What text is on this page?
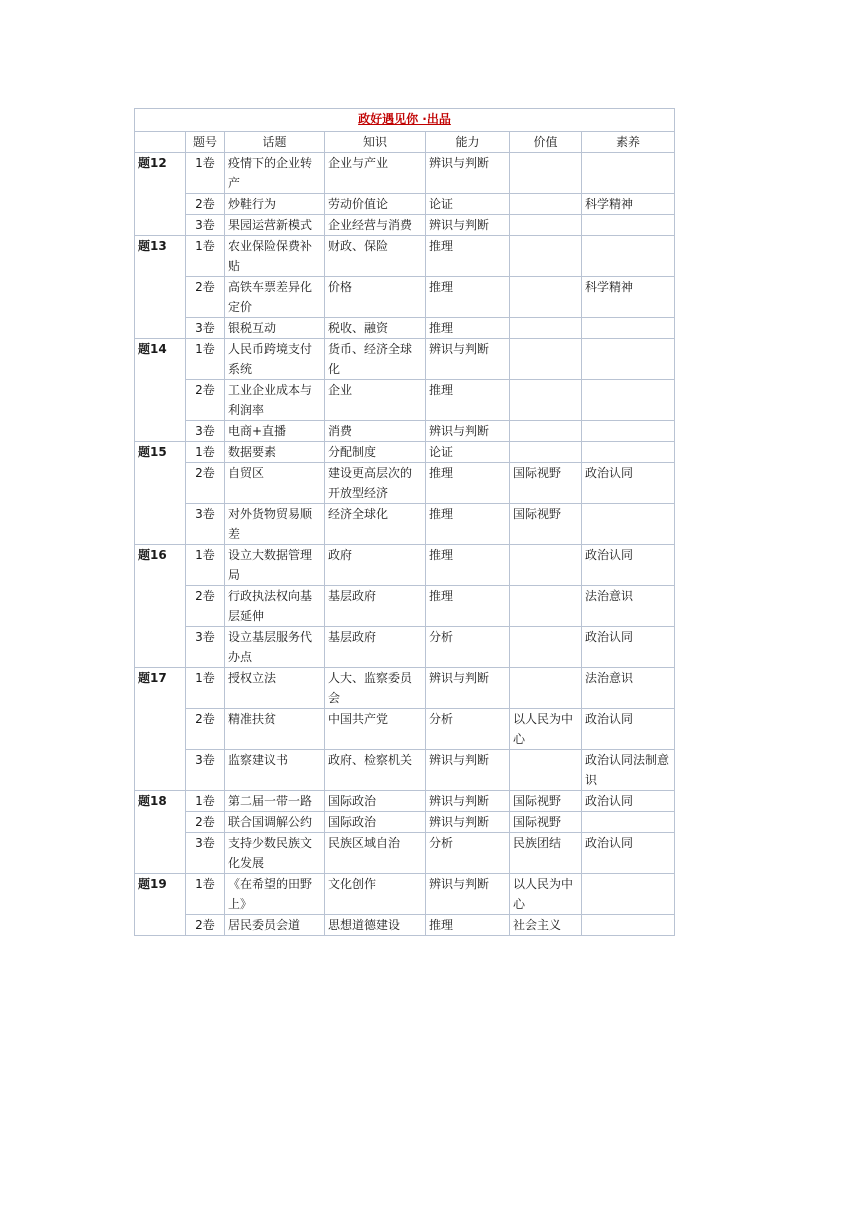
政好遇见你 ·出品						
	题号	话题	知识	能力	价值	素养
题12	1卷	疫情下的企业转产	企业与产业	辨识与判断		
	2卷	炒鞋行为	劳动价值论	论证		科学精神
	3卷	果园运营新模式	企业经营与消费	辨识与判断		
题13	1卷	农业保险保费补贴	财政、保险	推理		
	2卷	高铁车票差异化定价	价格	推理		科学精神
	3卷	银税互动	税收、融资	推理		
题14	1卷	人民币跨境支付系统	货币、经济全球化	辨识与判断		
	2卷	工业企业成本与利润率	企业	推理		
	3卷	电商+直播	消费	辨识与判断		
题15	1卷	数据要素	分配制度	论证		
	2卷	自贸区	建设更高层次的开放型经济	推理	国际视野	政治认同
	3卷	对外货物贸易顺差	经济全球化	推理	国际视野	
题16	1卷	设立大数据管理局	政府	推理		政治认同
	2卷	行政执法权向基层延伸	基层政府	推理		法治意识
	3卷	设立基层服务代办点	基层政府	分析		政治认同
题17	1卷	授权立法	人大、监察委员会	辨识与判断		法治意识
	2卷	精准扶贫	中国共产党	分析	以人民为中心	政治认同
	3卷	监察建议书	政府、检察机关	辨识与判断		政治认同法制意识
题18	1卷	第二届一带一路	国际政治	辨识与判断	国际视野	政治认同
	2卷	联合国调解公约	国际政治	辨识与判断	国际视野	
	3卷	支持少数民族文化发展	民族区域自治	分析	民族团结	政治认同
题19	1卷	《在希望的田野上》	文化创作	辨识与判断	以人民为中心	
	2卷	居民委员会道	思想道德建设	推理	社会主义	
